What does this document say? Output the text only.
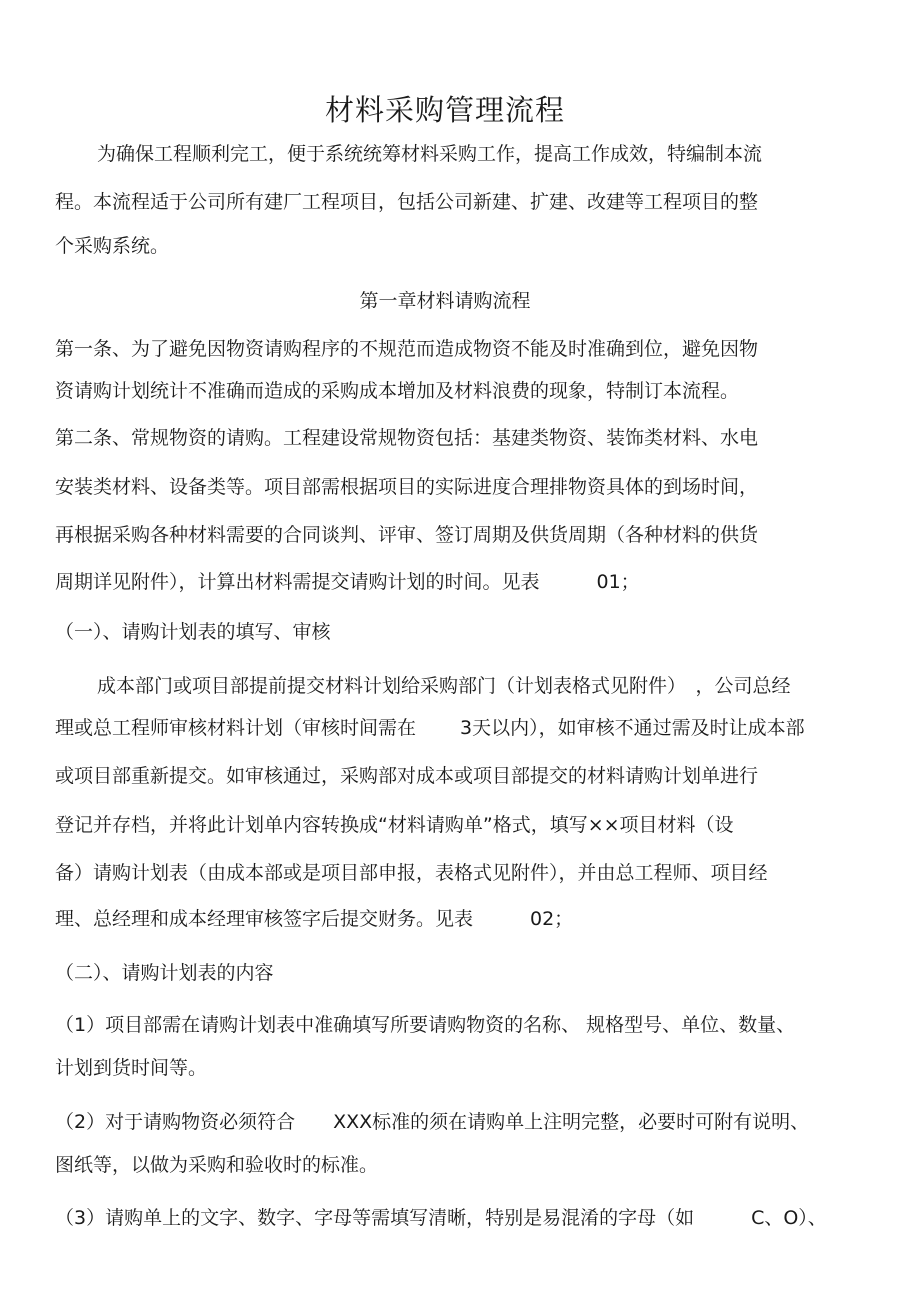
材料采购管理流程
为确保工程顺利完工，便于系统统筹材料采购工作，提高工作成效，特编制本流
程。本流程适于公司所有建厂工程项目，包括公司新建、扩建、改建等工程项目的整
个采购系统。
第一章材料请购流程
第一条、为了避免因物资请购程序的不规范而造成物资不能及时准确到位，避免因物
资请购计划统计不准确而造成的采购成本增加及材料浪费的现象，特制订本流程。
第二条、常规物资的请购。工程建设常规物资包括：基建类物资、装饰类材料、水电
安装类材料、设备类等。项目部需根据项目的实际进度合理排物资具体的到场时间，
再根据采购各种材料需要的合同谈判、评审、签订周期及供货周期（各种材料的供货
周期详见附件），计算出材料需提交请购计划的时间。见表　　　01；
（一）、请购计划表的填写、审核
成本部门或项目部提前提交材料计划给采购部门（计划表格式见附件）　，公司总经
理或总工程师审核材料计划（审核时间需在　　 3天以内），如审核不通过需及时让成本部
或项目部重新提交。如审核通过，采购部对成本或项目部提交的材料请购计划单进行
登记并存档，并将此计划单内容转换成“材料请购单”格式，填写××项目材料（设
备）请购计划表（由成本部或是项目部申报，表格式见附件），并由总工程师、项目经
理、总经理和成本经理审核签字后提交财务。见表　　　02；
（二）、请购计划表的内容
（1）项目部需在请购计划表中准确填写所要请购物资的名称、 规格型号、单位、数量、
计划到货时间等。
（2）对于请购物资必须符合　　XXX标准的须在请购单上注明完整，必要时可附有说明、
图纸等，以做为采购和验收时的标准。
（3）请购单上的文字、数字、字母等需填写清晰，特别是易混淆的字母（如　　　C、O）、
